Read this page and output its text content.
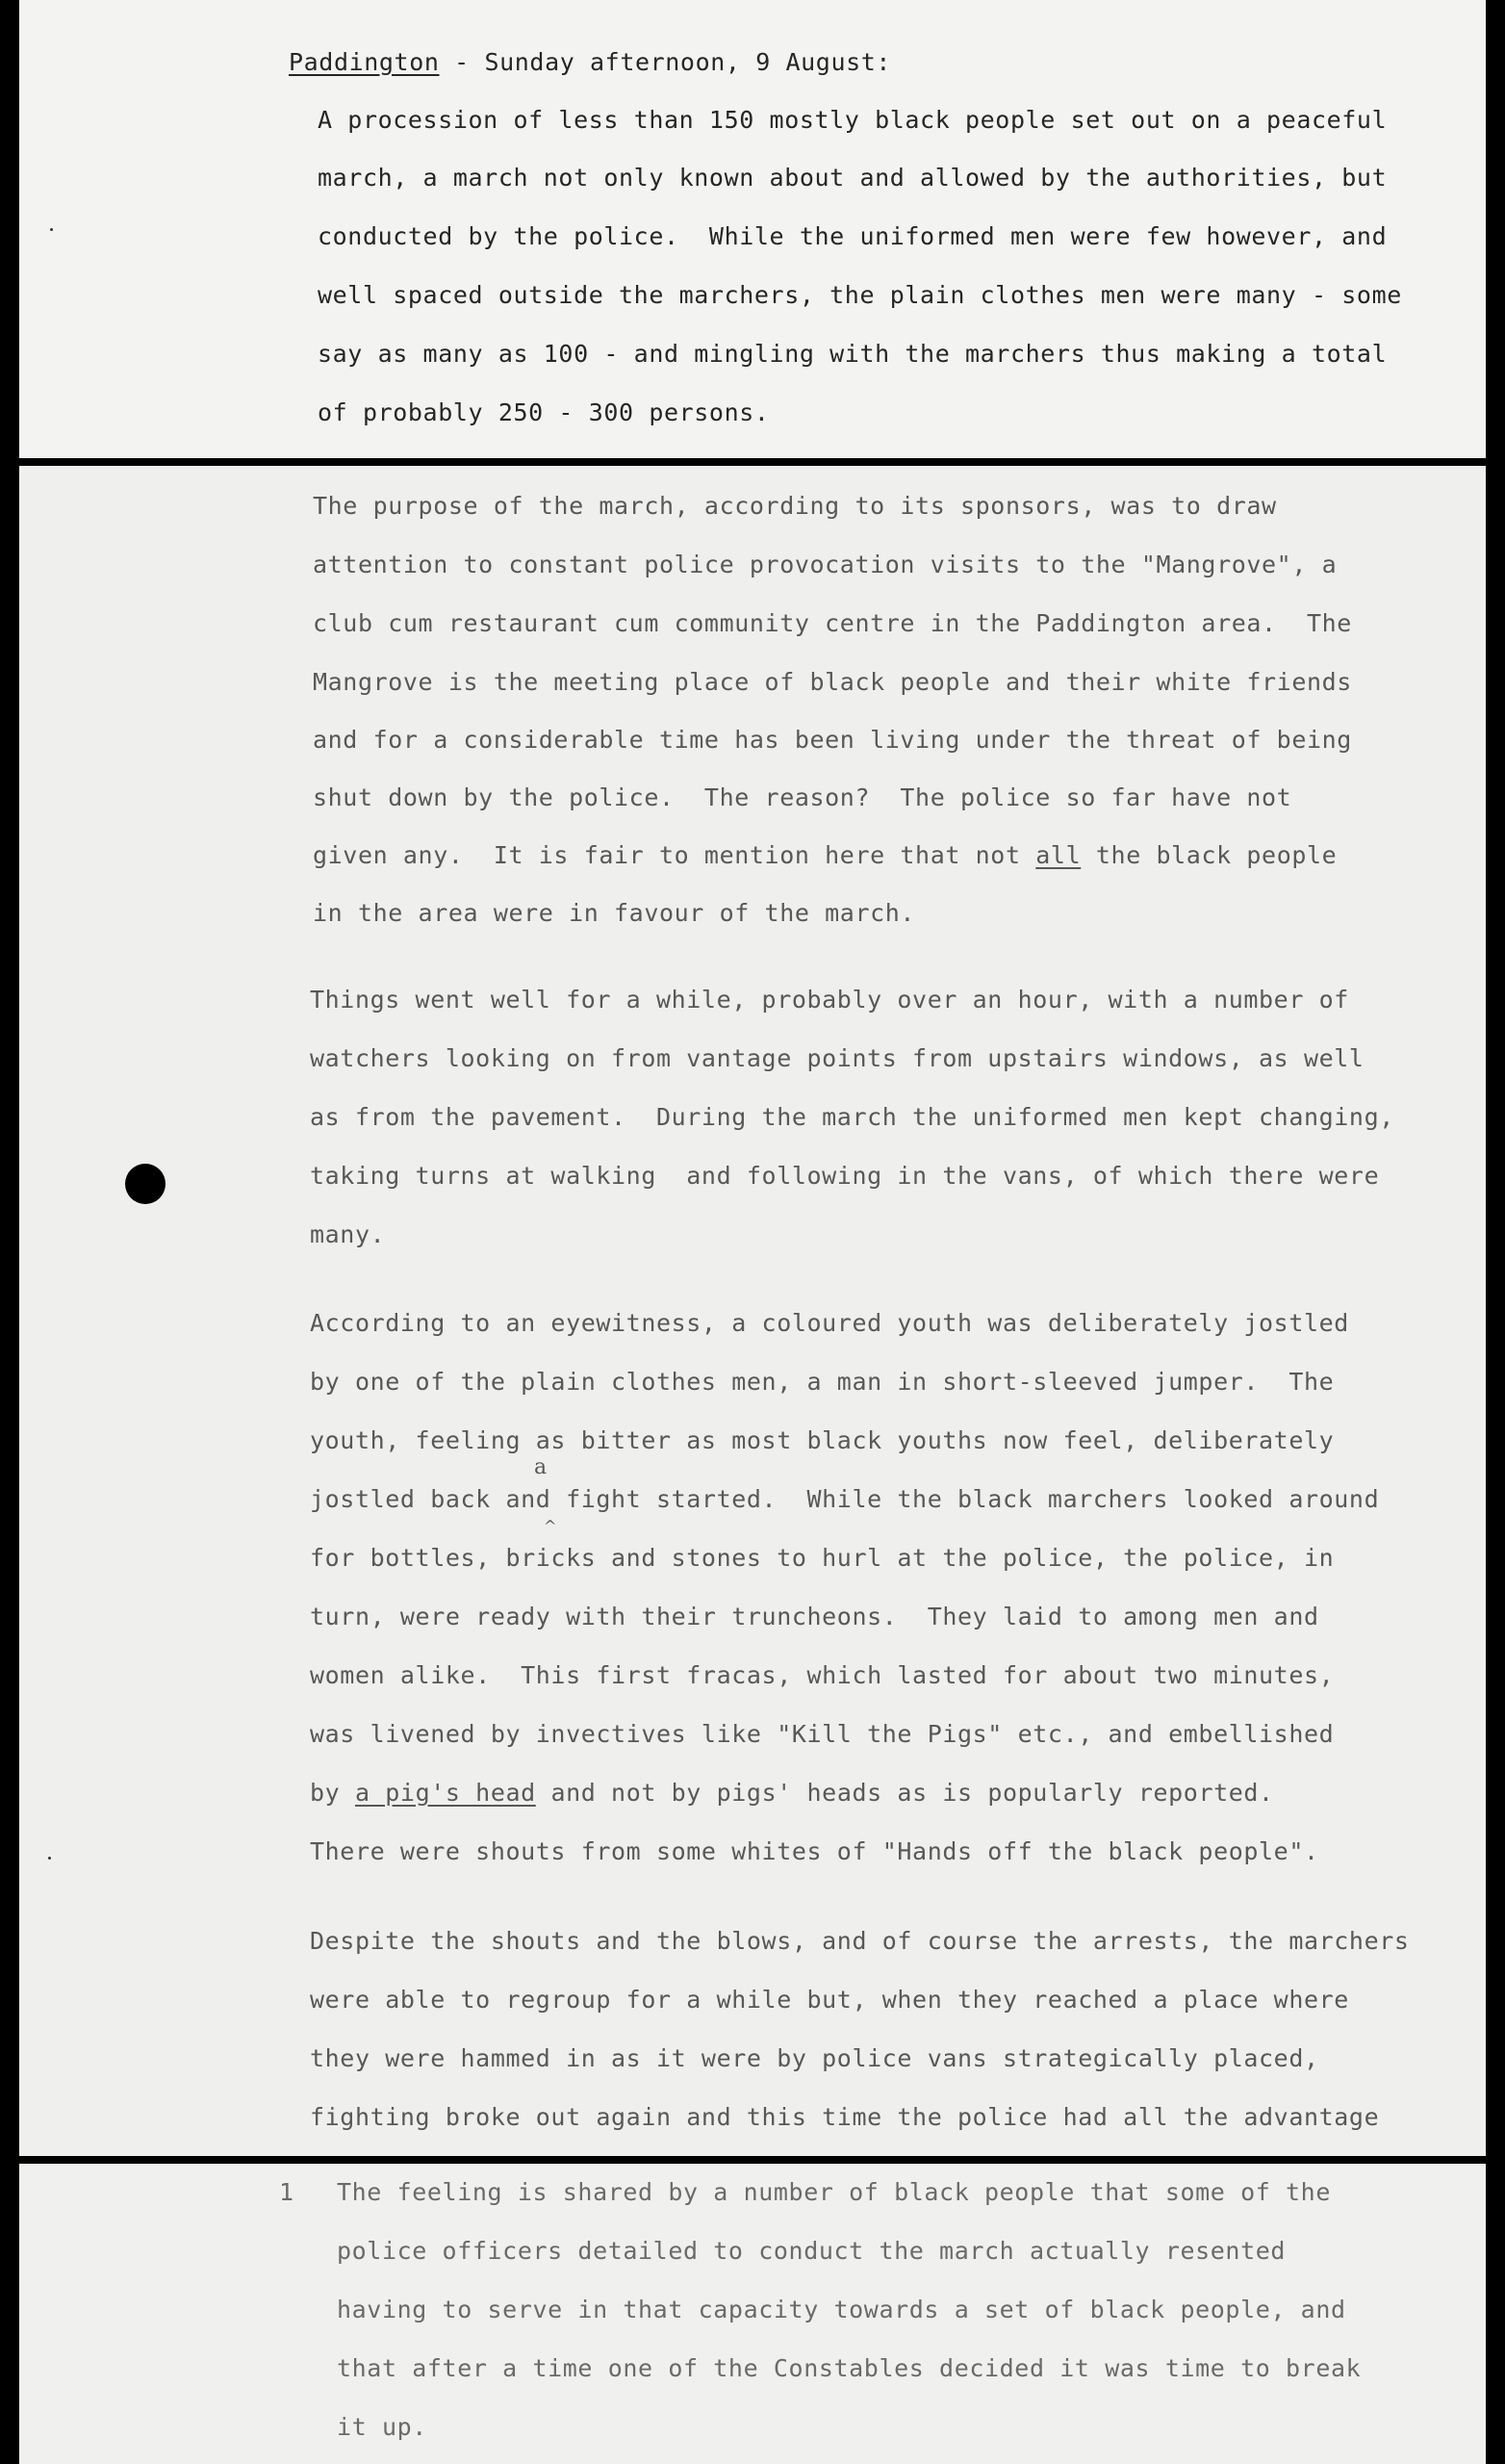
Paddington - Sunday afternoon, 9 August:
A procession of less than 150 mostly black people set out on a peaceful
march, a march not only known about and allowed by the authorities, but
conducted by the police.  While the uniformed men were few however, and
well spaced outside the marchers, the plain clothes men were many - some
say as many as 100 - and mingling with the marchers thus making a total
of probably 250 - 300 persons.
The purpose of the march, according to its sponsors, was to draw
attention to constant police provocation visits to the "Mangrove", a
club cum restaurant cum community centre in the Paddington area.  The
Mangrove is the meeting place of black people and their white friends
and for a considerable time has been living under the threat of being
shut down by the police.  The reason?  The police so far have not
given any.  It is fair to mention here that not all the black people
in the area were in favour of the march.
Things went well for a while, probably over an hour, with a number of
watchers looking on from vantage points from upstairs windows, as well
as from the pavement.  During the march the uniformed men kept changing,
taking turns at walking  and following in the vans, of which there were
many.
According to an eyewitness, a coloured youth was deliberately jostled
by one of the plain clothes men, a man in short-sleeved jumper.  The
youth, feeling as bitter as most black youths now feel, deliberately
jostled back and fight started.  While the black marchers looked around
a
^
for bottles, bricks and stones to hurl at the police, the police, in
turn, were ready with their truncheons.  They laid to among men and
women alike.  This first fracas, which lasted for about two minutes,
was livened by invectives like "Kill the Pigs" etc., and embellished
by a pig's head and not by pigs' heads as is popularly reported.
There were shouts from some whites of "Hands off the black people".
Despite the shouts and the blows, and of course the arrests, the marchers
were able to regroup for a while but, when they reached a place where
they were hammed in as it were by police vans strategically placed,
fighting broke out again and this time the police had all the advantage
1 The feeling is shared by a number of black people that some of the
police officers detailed to conduct the march actually resented
having to serve in that capacity towards a set of black people, and
that after a time one of the Constables decided it was time to break
it up.
